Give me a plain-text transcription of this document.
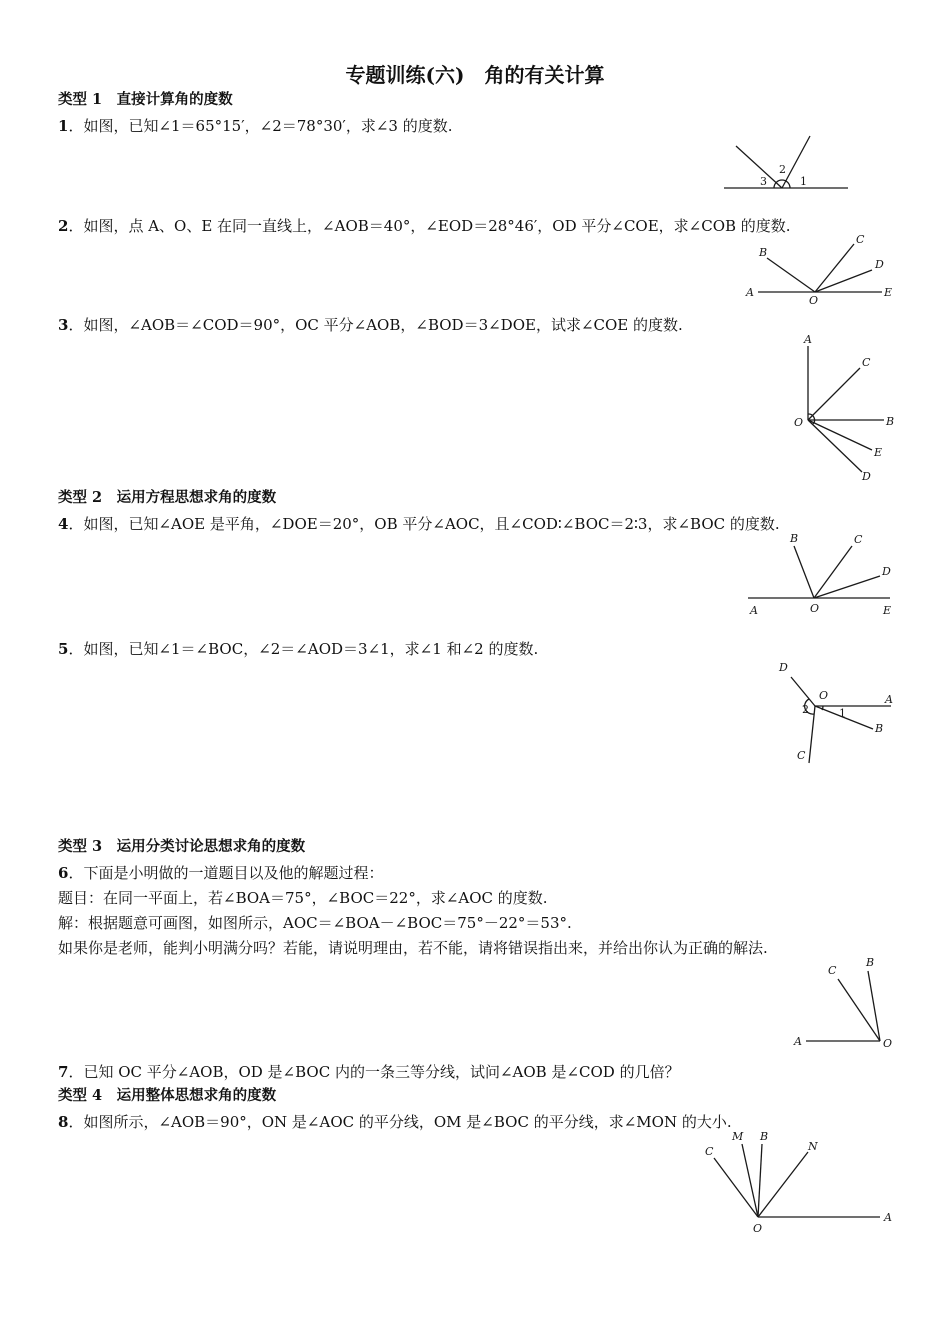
专题训练(六)　角的有关计算
类型 1　直接计算角的度数
1．如图，已知∠1＝65°15′，∠2＝78°30′，求∠3 的度数.
3
2
1
2．如图，点 A、O、E 在同一直线上，∠AOB＝40°，∠EOD＝28°46′，OD 平分∠COE，求∠COB 的度数.
A
B
O
C
D
E
3．如图，∠AOB＝∠COD＝90°，OC 平分∠AOB，∠BOD＝3∠DOE，试求∠COE 的度数.
A
C
O	B
E
D
类型 2　运用方程思想求角的度数
4．如图，已知∠AOE 是平角，∠DOE＝20°，OB 平分∠AOC，且∠COD∶∠BOC＝2∶3，求∠BOC 的度数.
B	C
D
A	O	E
5．如图，已知∠1＝∠BOC，∠2＝∠AOD＝3∠1，求∠1 和∠2 的度数.
D
O	A
2	1
B
C
类型 3　运用分类讨论思想求角的度数
6．下面是小明做的一道题目以及他的解题过程：
题目：在同一平面上，若∠BOA＝75°，∠BOC＝22°，求∠AOC 的度数.
解：根据题意可画图，如图所示，AOC＝∠BOA－∠BOC＝75°－22°＝53°.
如果你是老师，能判小明满分吗？若能，请说明理由，若不能，请将错误指出来，并给出你认为正确的解法.
C
B
A	O
7．已知 OC 平分∠AOB，OD 是∠BOC 内的一条三等分线，试问∠AOB 是∠COD 的几倍？
类型 4　运用整体思想求角的度数
8．如图所示，∠AOB＝90°，ON 是∠AOC 的平分线，OM 是∠BOC 的平分线，求∠MON 的大小.
C
M B
N
O
A
